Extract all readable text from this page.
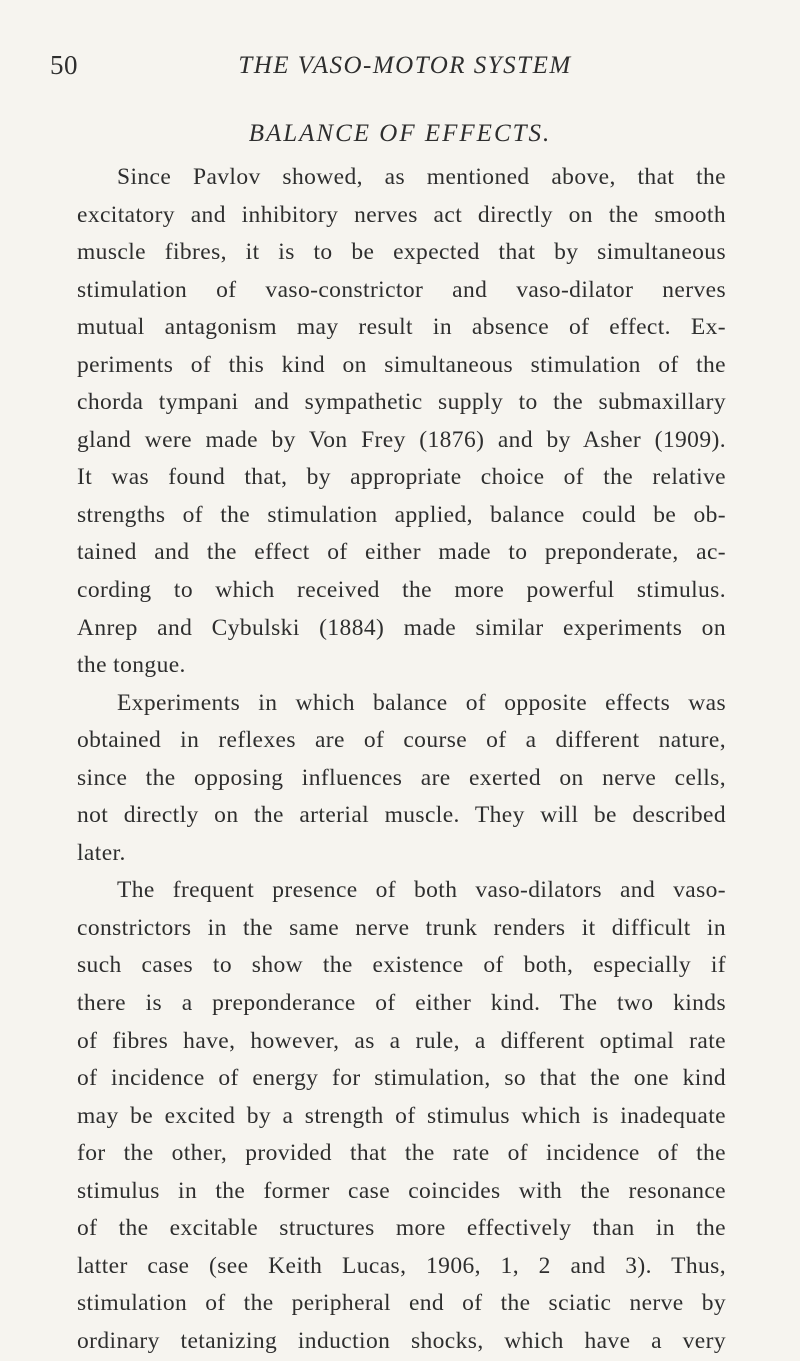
50	THE VASO-MOTOR SYSTEM
BALANCE OF EFFECTS.
Since Pavlov showed, as mentioned above, that the
excitatory and inhibitory nerves act directly on the smooth
muscle fibres, it is to be expected that by simultaneous
stimulation of vaso-constrictor and vaso-dilator nerves
mutual antagonism may result in absence of effect. Ex-
periments of this kind on simultaneous stimulation of the
chorda tympani and sympathetic supply to the submaxillary
gland were made by Von Frey (1876) and by Asher (1909).
It was found that, by appropriate choice of the relative
strengths of the stimulation applied, balance could be ob-
tained and the effect of either made to preponderate, ac-
cording to which received the more powerful stimulus.
Anrep and Cybulski (1884) made similar experiments on
the tongue.
Experiments in which balance of opposite effects was
obtained in reflexes are of course of a different nature,
since the opposing influences are exerted on nerve cells,
not directly on the arterial muscle. They will be described
later.
The frequent presence of both vaso-dilators and vaso-
constrictors in the same nerve trunk renders it difficult in
such cases to show the existence of both, especially if
there is a preponderance of either kind. The two kinds
of fibres have, however, as a rule, a different optimal rate
of incidence of energy for stimulation, so that the one kind
may be excited by a strength of stimulus which is inadequate
for the other, provided that the rate of incidence of the
stimulus in the former case coincides with the resonance
of the excitable structures more effectively than in the
latter case (see Keith Lucas, 1906, 1, 2 and 3). Thus,
stimulation of the peripheral end of the sciatic nerve by
ordinary tetanizing induction shocks, which have a very
